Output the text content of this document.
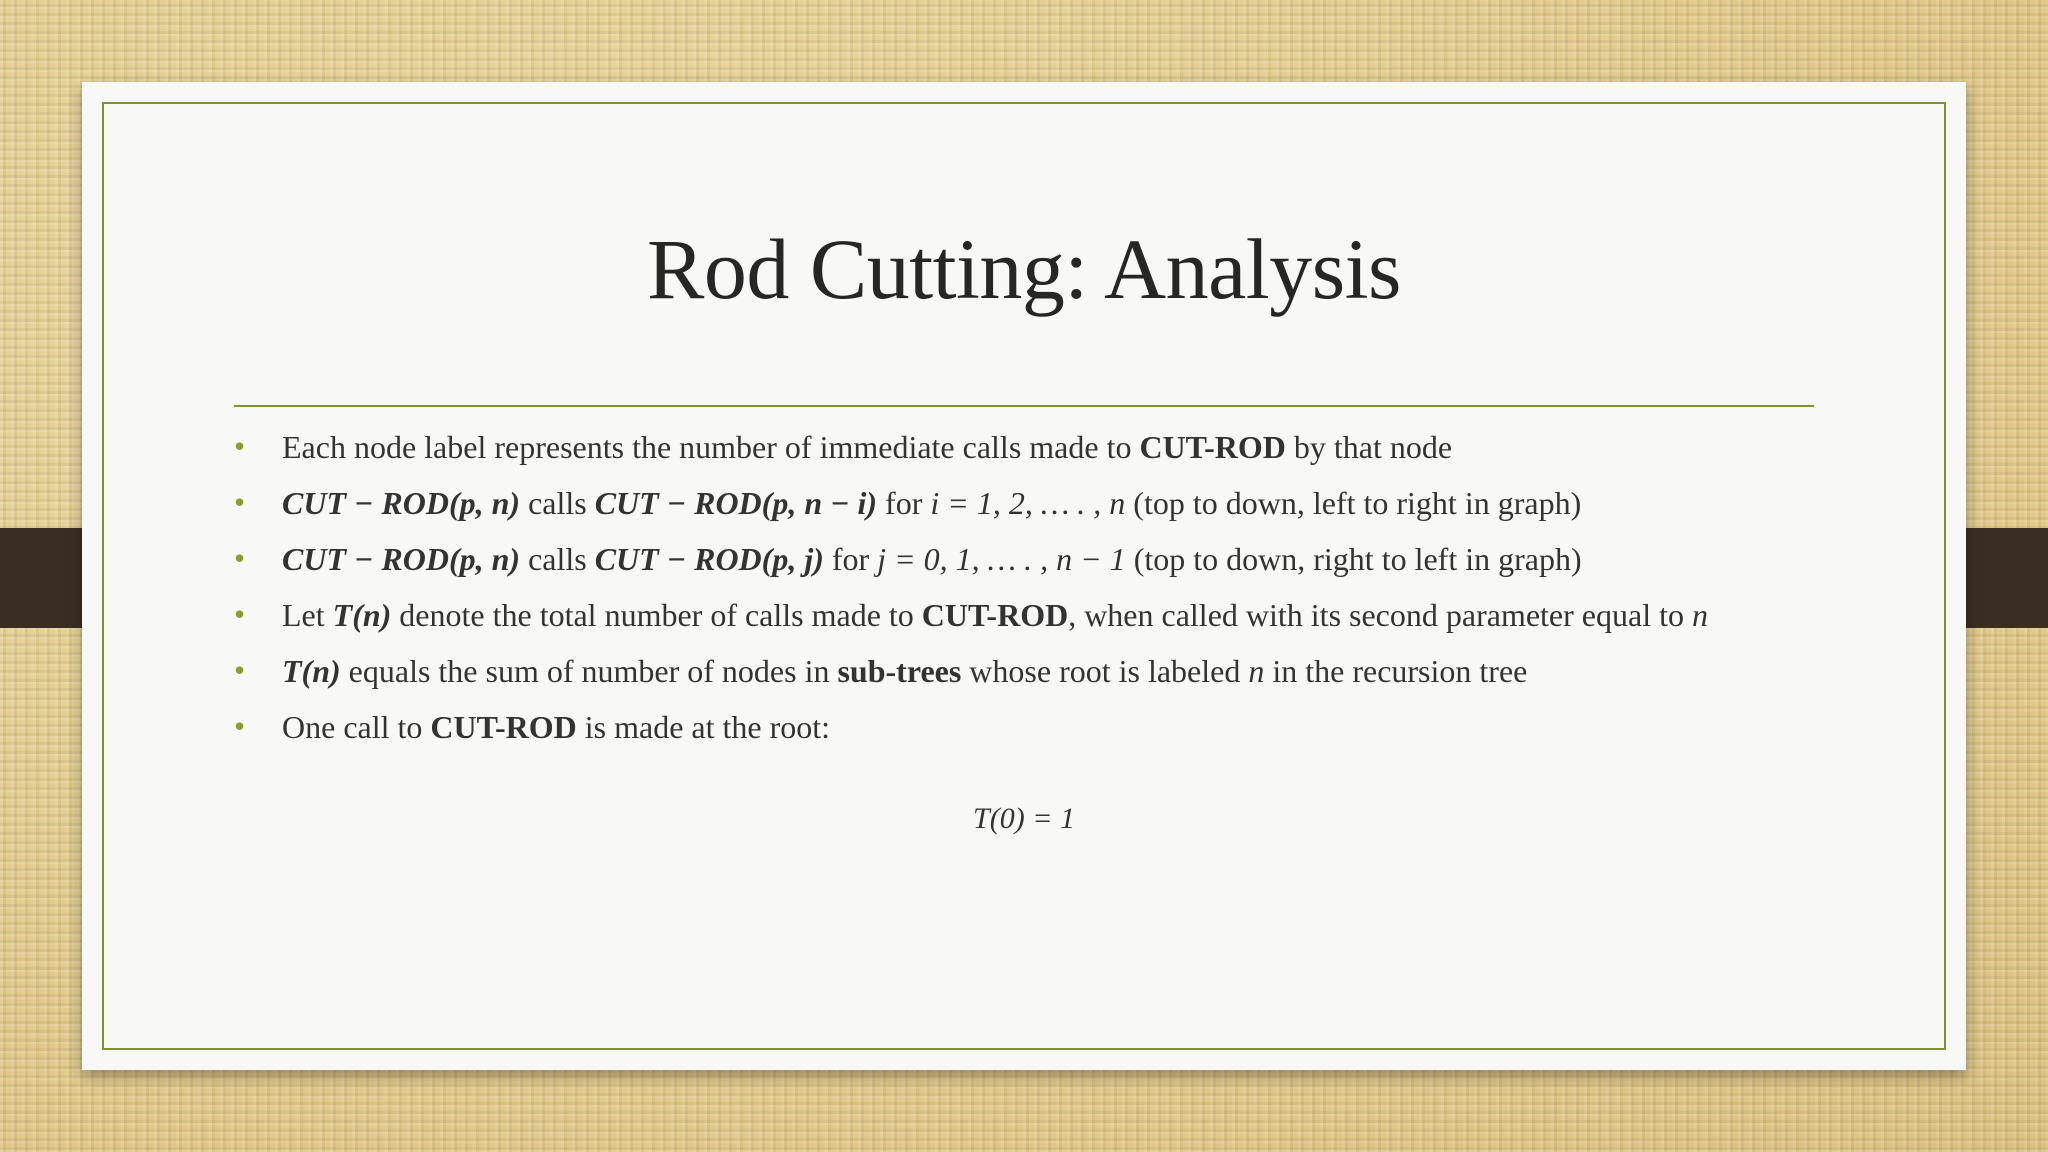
Rod Cutting: Analysis
• Each node label represents the number of immediate calls made to CUT-ROD by that node
• CUT − ROD(p, n) calls CUT − ROD(p, n − i) for i = 1, 2, … . , n (top to down, left to right in graph)
• CUT − ROD(p, n) calls CUT − ROD(p, j) for j = 0, 1, … . , n − 1 (top to down, right to left in graph)
• Let T(n) denote the total number of calls made to CUT-ROD, when called with its second parameter equal to n
• T(n) equals the sum of number of nodes in sub-trees whose root is labeled n in the recursion tree
• One call to CUT-ROD is made at the root:
T(0) = 1
